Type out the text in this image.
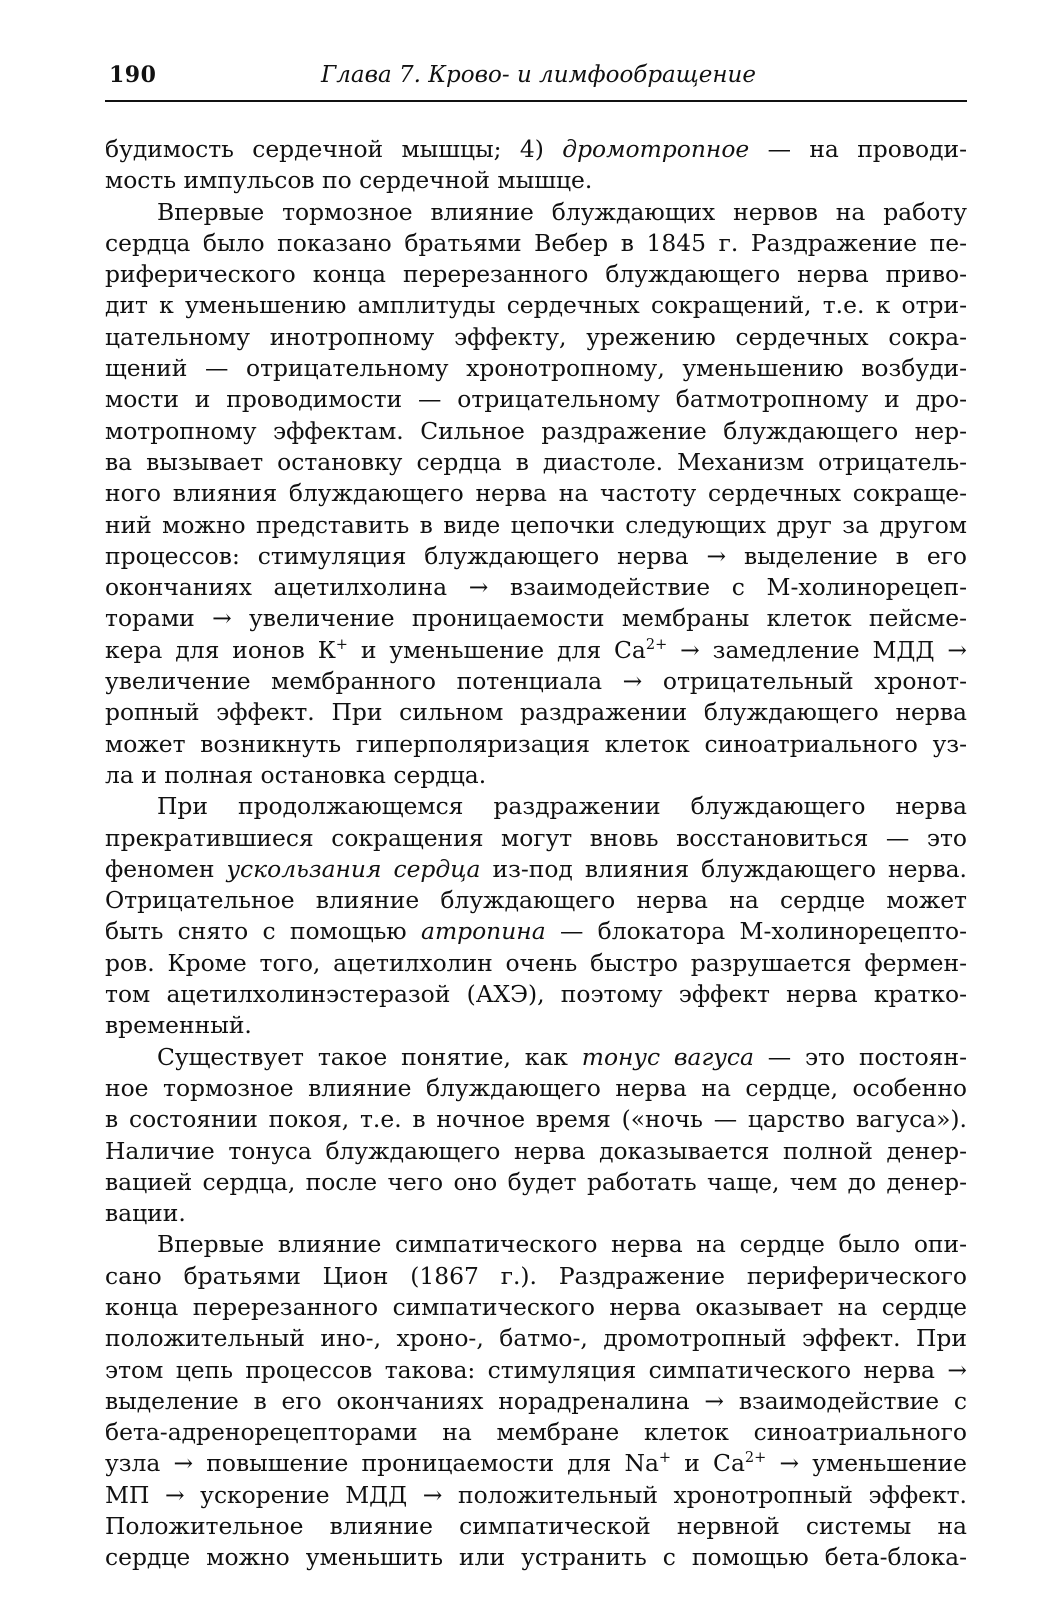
190	Глава 7. Крово- и лимфообращение

будимость сердечной мышцы; 4) дромотропное — на проводи-
мость импульсов по сердечной мышце.

Впервые тормозное влияние блуждающих нервов на работу
сердца было показано братьями Вебер в 1845 г. Раздражение пе-
риферического конца перерезанного блуждающего нерва приво-
дит к уменьшению амплитуды сердечных сокращений, т.е. к отри-
цательному инотропному эффекту, урежению сердечных сокра-
щений — отрицательному хронотропному, уменьшению возбуди-
мости и проводимости — отрицательному батмотропному и дро-
мотропному эффектам. Сильное раздражение блуждающего нер-
ва вызывает остановку сердца в диастоле. Механизм отрицатель-
ного влияния блуждающего нерва на частоту сердечных сокраще-
ний можно представить в виде цепочки следующих друг за другом
процессов: стимуляция блуждающего нерва → выделение в его
окончаниях ацетилхолина → взаимодействие с М-холинорецеп-
торами → увеличение проницаемости мембраны клеток пейсме-
кера для ионов К+ и уменьшение для $Са^{2+}$ → замедление МДД →
увеличение мембранного потенциала → отрицательный хронот-
ропный эффект. При сильном раздражении блуждающего нерва
может возникнуть гиперполяризация клеток синоатриального уз-
ла и полная остановка сердца.

При продолжающемся раздражении блуждающего нерва
прекратившиеся сокращения могут вновь восстановиться — это
феномен ускользания сердца из-под влияния блуждающего нерва.
Отрицательное влияние блуждающего нерва на сердце может
быть снято с помощью атропина — блокатора М-холинорецепто-
ров. Кроме того, ацетилхолин очень быстро разрушается фермен-
том ацетилхолинэстеразой (АХЭ), поэтому эффект нерва кратко-
временный.

Существует такое понятие, как тонус вагуса — это постоян-
ное тормозное влияние блуждающего нерва на сердце, особенно
в состоянии покоя, т.е. в ночное время («ночь — царство вагуса»).
Наличие тонуса блуждающего нерва доказывается полной денер-
вацией сердца, после чего оно будет работать чаще, чем до денер-
вации.

Впервые влияние симпатического нерва на сердце было опи-
сано братьями Цион (1867 г.). Раздражение периферического
конца перерезанного симпатического нерва оказывает на сердце
положительный ино-, хроно-, батмо-, дромотропный эффект. При
этом цепь процессов такова: стимуляция симпатического нерва →
выделение в его окончаниях норадреналина → взаимодействие с
бета-адренорецепторами на мембране клеток синоатриального
узла → повышение проницаемости для Na+ и $Са^{2+}$ → уменьшение
МП → ускорение МДД → положительный хронотропный эффект.
Положительное влияние симпатической нервной системы на
сердце можно уменьшить или устранить с помощью бета-блока-
